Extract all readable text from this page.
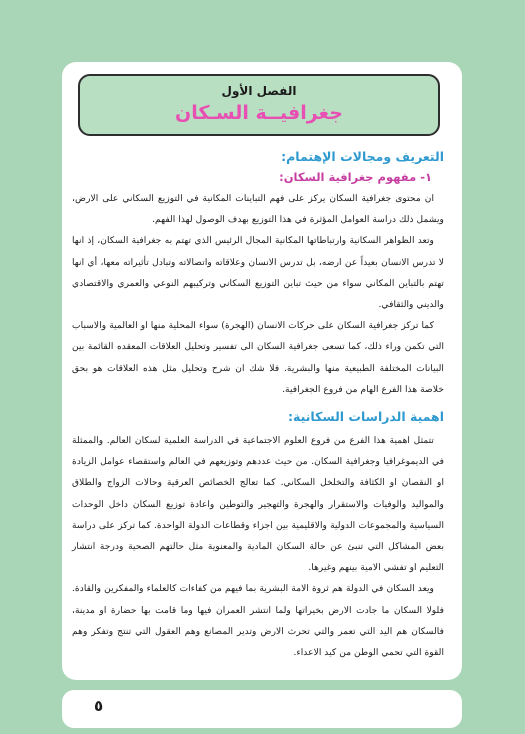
الفصل الأول
جغرافيــة السـكان
التعريف ومجالات الإهتمام:
١- مفهوم جغرافية السكان:

ان محتوى جغرافية السكان يركز على فهم التباينات المكانية في التوزيع السكاني على الارض، ويشمل ذلك دراسة العوامل المؤثرة في هذا التوزيع بهدف الوصول لهذا الفهم.

وتعد الظواهر السكانية وارتباطاتها المكانية المجال الرئيس الذي تهتم به جغرافية السكان، إذ انها لا تدرس الانسان بعيداً عن ارضه، بل تدرس الانسان وعلاقاته واتصالاته وتبادل تأثيراته معها، أي انها تهتم بالتباين المكاني سواء من حيث تباين التوزيع السكاني وتركيبهم النوعي والعمري والاقتصادي والديني والثقافي.

كما تركز جغرافية السكان على حركات الانسان (الهجرة) سواء المحلية منها او العالمية والاسباب التي تكمن وراء ذلك، كما تسعى جغرافية السكان الى تفسير وتحليل العلاقات المعقده القائمة بين البيانات المختلفة الطبيعية منها والبشرية. فلا شك ان شرح وتحليل مثل هذه العلاقات هو بحق خلاصة هذا الفرع الهام من فروع الجغرافية.

اهمية الدراسات السكانية:

تتمثل اهمية هذا الفرع من فروع العلوم الاجتماعية في الدراسة العلمية لسكان العالم. والممثلة في الديموغرافيا وجغرافية السكان. من حيث عددهم وتوزيعهم في العالم واستقصاء عوامل الزيادة او النقصان او الكثافة والتخلخل السكاني. كما تعالج الخصائص العرقية وحالات الزواج والطلاق والمواليد والوفيات والاستقرار والهجرة والتهجير والتوطين واعادة توزيع السكان داخل الوحدات السياسية والمجموعات الدولية والاقليمية بين اجزاء وقطاعات الدولة الواحدة. كما تركز على دراسة بعض المشاكل التي تنبئ عن حالة السكان المادية والمعنوية مثل حالتهم الصحية ودرجة انتشار التعليم او تفشي الامية بينهم وغيرها.

ويعد السكان في الدولة هم ثروة الامة البشرية بما فيهم من كفاءات كالعلماء والمفكرين والقادة. فلولا السكان ما جادت الارض بخيراتها ولما انتشر العمران فيها وما قامت بها حضارة او مدينة، فالسكان هم اليد التي تعمر والتي تحرث الارض وتدير المصانع وهم العقول التي تنتج وتفكر وهم القوة التي تحمي الوطن من كيد الاعداء.

٥
